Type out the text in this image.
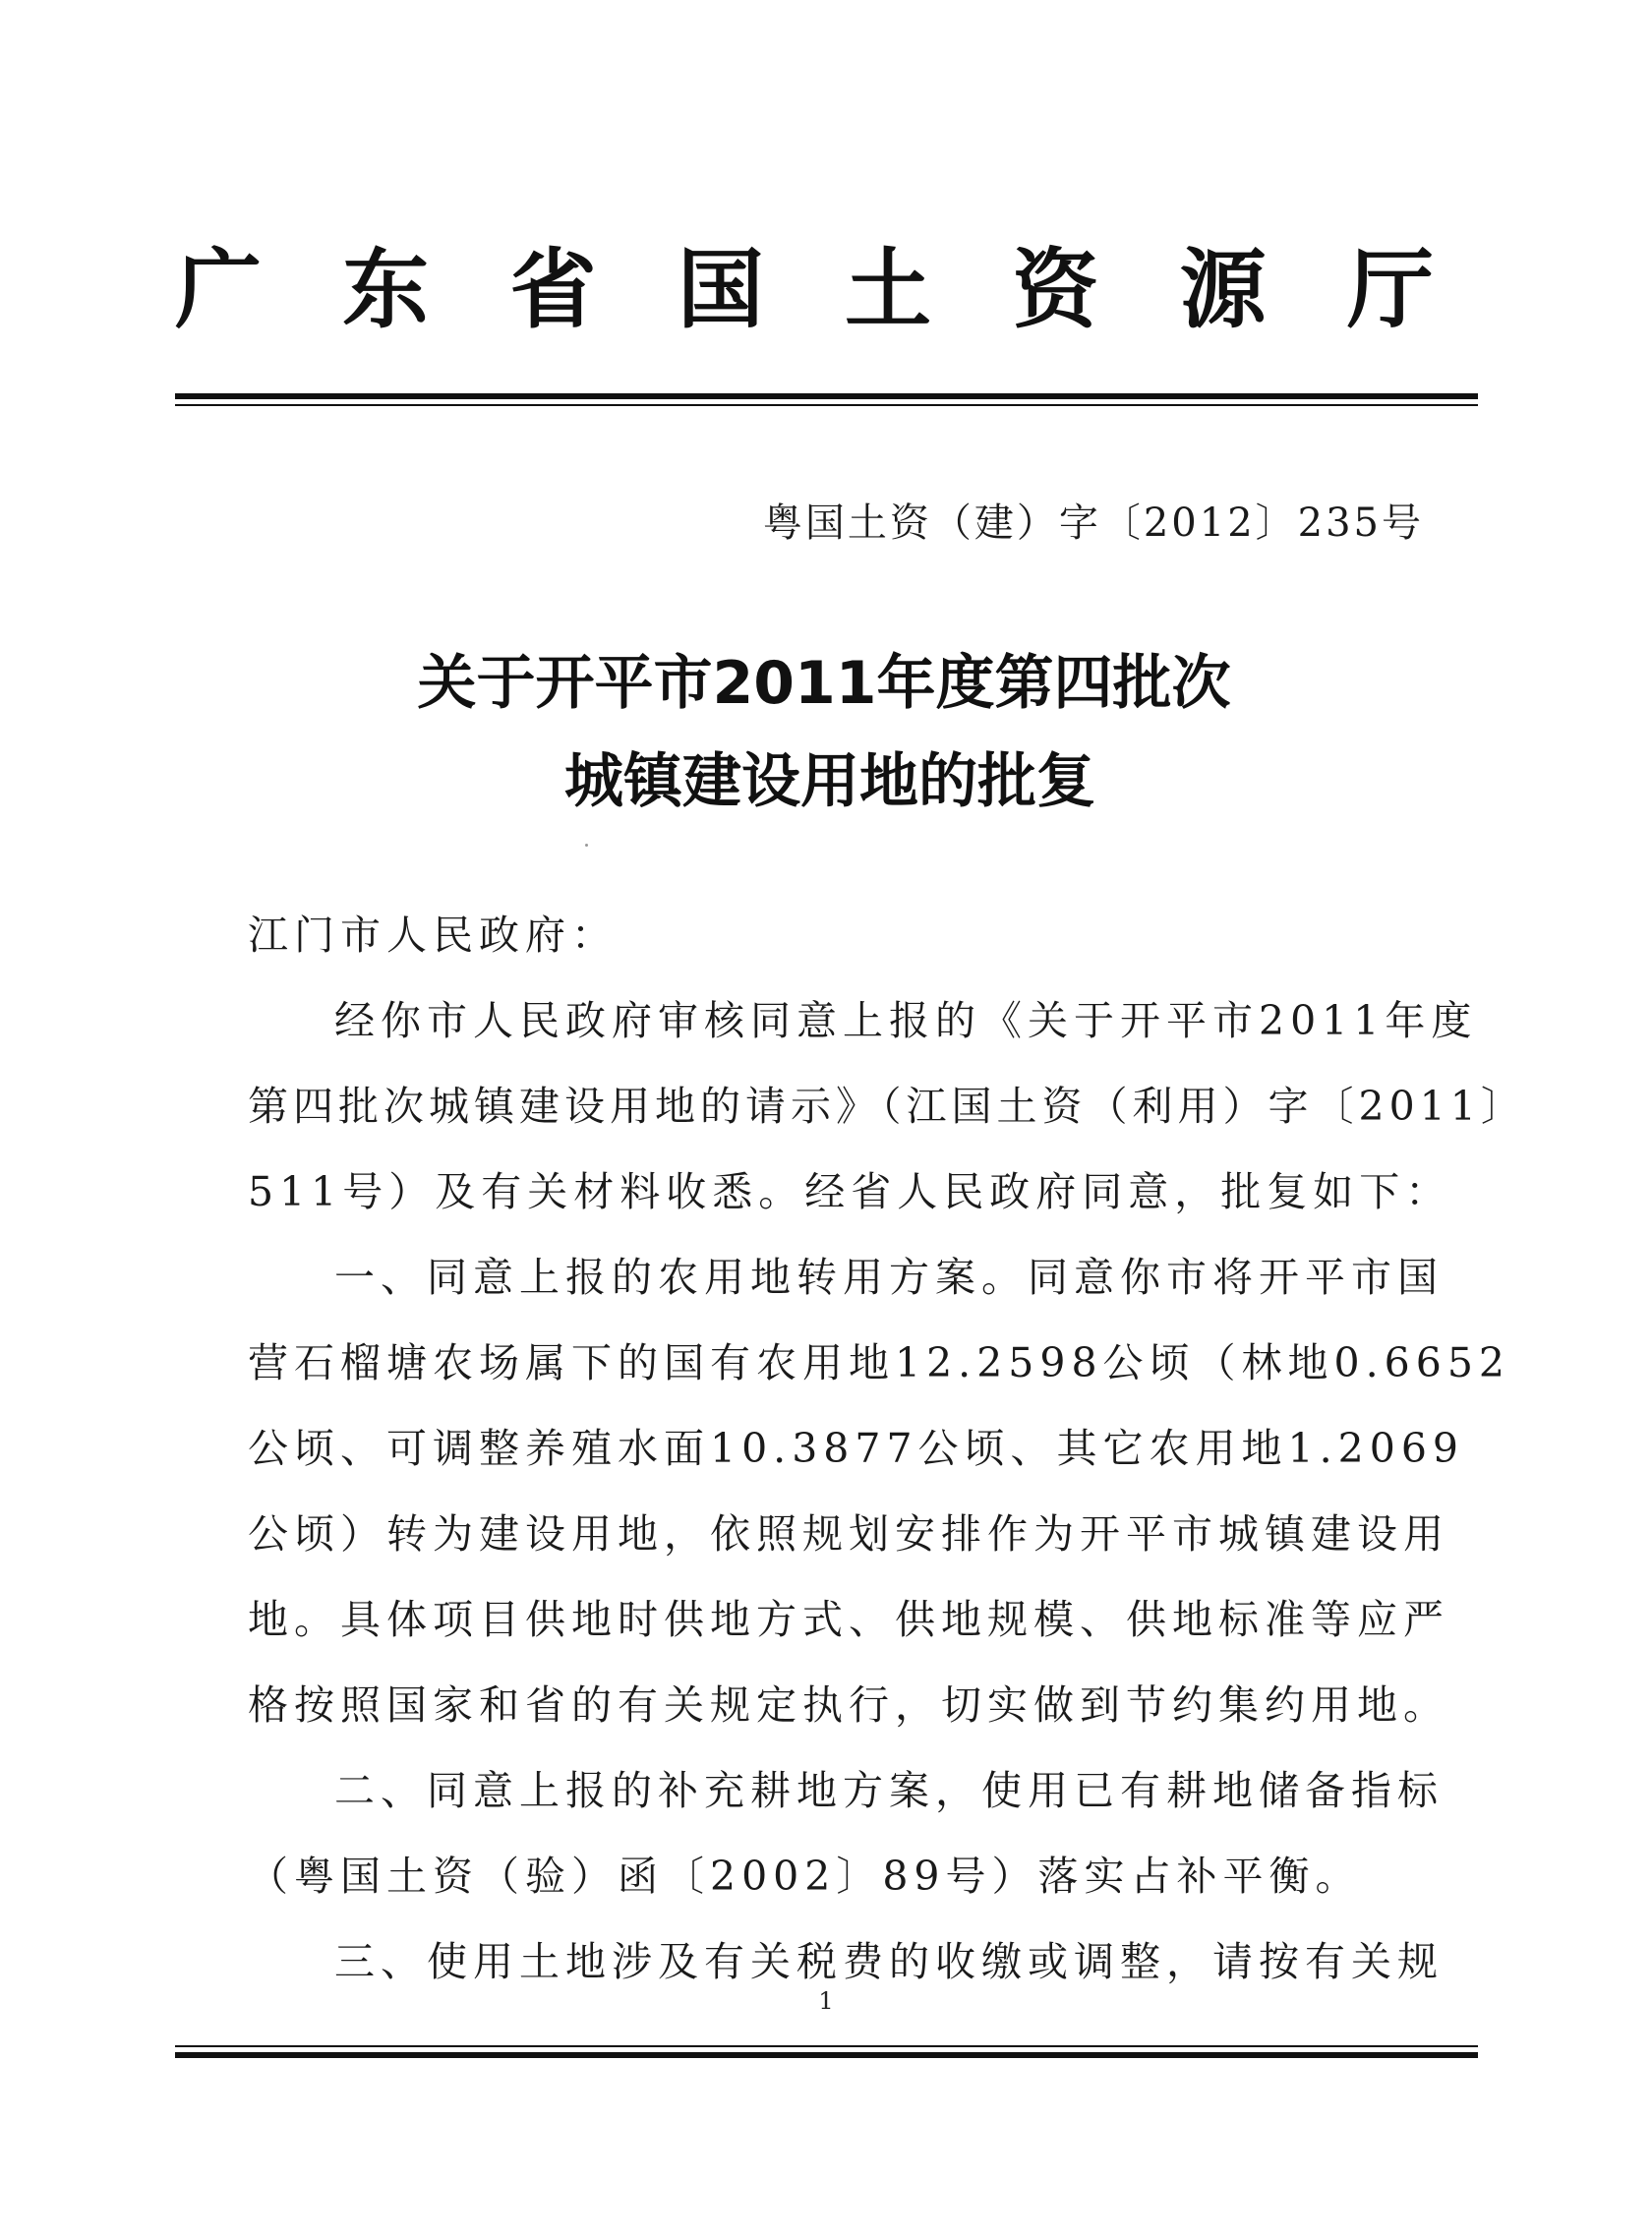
广 东 省 国 土 资 源 厅
粤国土资（建）字〔2012〕235号
关于开平市2011年度第四批次
城镇建设用地的批复
江门市人民政府：
经你市人民政府审核同意上报的《关于开平市2011年度
第四批次城镇建设用地的请示》（江国土资（利用）字〔2011〕
511号）及有关材料收悉。经省人民政府同意，批复如下：
一、同意上报的农用地转用方案。同意你市将开平市国
营石榴塘农场属下的国有农用地12.2598公顷（林地0.6652
公顷、可调整养殖水面10.3877公顷、其它农用地1.2069
公顷）转为建设用地，依照规划安排作为开平市城镇建设用
地。具体项目供地时供地方式、供地规模、供地标准等应严
格按照国家和省的有关规定执行，切实做到节约集约用地。
二、同意上报的补充耕地方案，使用已有耕地储备指标
（粤国土资（验）函〔2002〕89号）落实占补平衡。
三、使用土地涉及有关税费的收缴或调整，请按有关规
1
